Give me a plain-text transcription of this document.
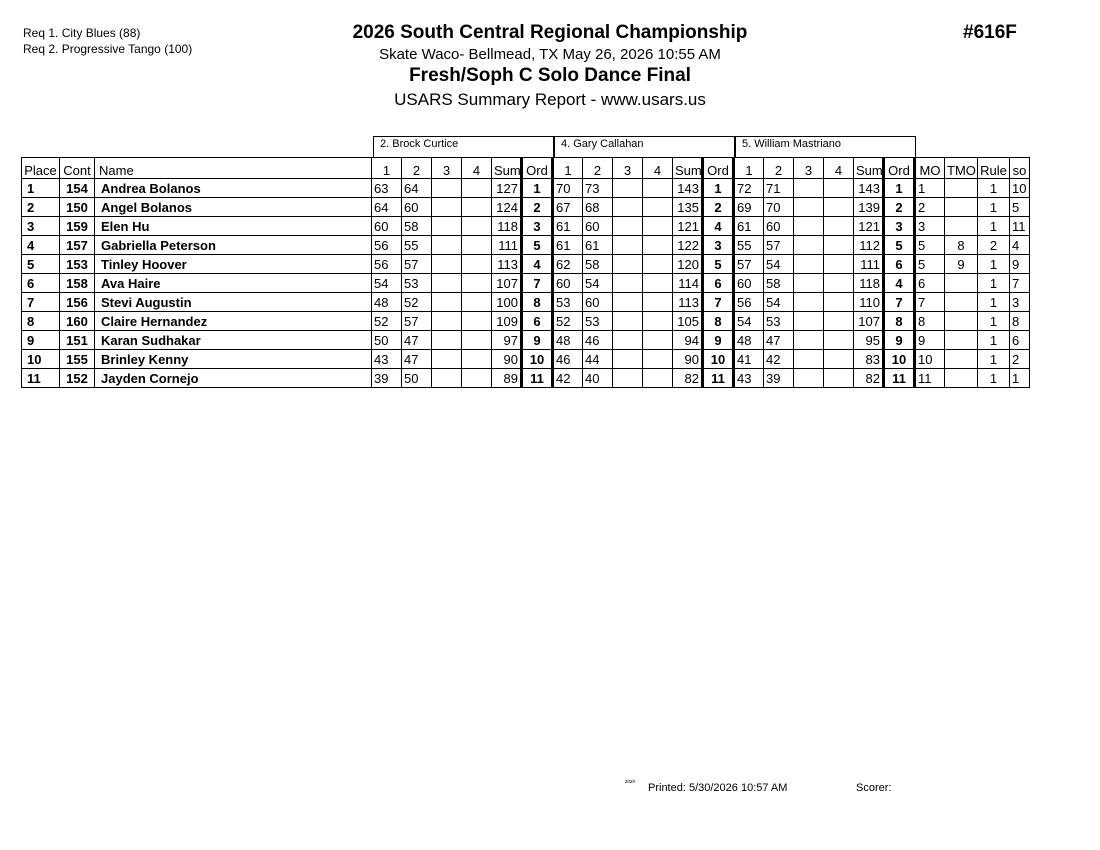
Req 1. City Blues (88)
Req 2. Progressive Tango (100)
2026 South Central Regional Championship
Skate Waco- Bellmead, TX May 26, 2026 10:55 AM
Fresh/Soph C Solo Dance Final
USARS Summary Report - www.usars.us
#616F
2. Brock Curtice	4. Gary Callahan	5. William Mastriano
Place	Cont	Name	1	2	3	4	Sum	Ord	1	2	3	4	Sum	Ord	1	2	3	4	Sum	Ord	MO	TMO	Rule	so
1	154	Andrea Bolanos	63	64			127	1	70	73			143	1	72	71			143	1	1		1	10
2	150	Angel Bolanos	64	60			124	2	67	68			135	2	69	70			139	2	2		1	5
3	159	Elen Hu	60	58			118	3	61	60			121	4	61	60			121	3	3		1	11
4	157	Gabriella Peterson	56	55			111	5	61	61			122	3	55	57			112	5	5	8	2	4
5	153	Tinley Hoover	56	57			113	4	62	58			120	5	57	54			111	6	5	9	1	9
6	158	Ava Haire	54	53			107	7	60	54			114	6	60	58			118	4	6		1	7
7	156	Stevi Augustin	48	52			100	8	53	60			113	7	56	54			110	7	7		1	3
8	160	Claire Hernandez	52	57			109	6	52	53			105	8	54	53			107	8	8		1	8
9	151	Karan Sudhakar	50	47			97	9	48	46			94	9	48	47			95	9	9		1	6
10	155	Brinley Kenny	43	47			90	10	46	44			90	10	41	42			83	10	10		1	2
11	152	Jayden Cornejo	39	50			89	11	42	40			82	11	43	39			82	11	11		1	1
²⁰²⁰ Printed: 5/30/2026 10:57 AM	Scorer:
